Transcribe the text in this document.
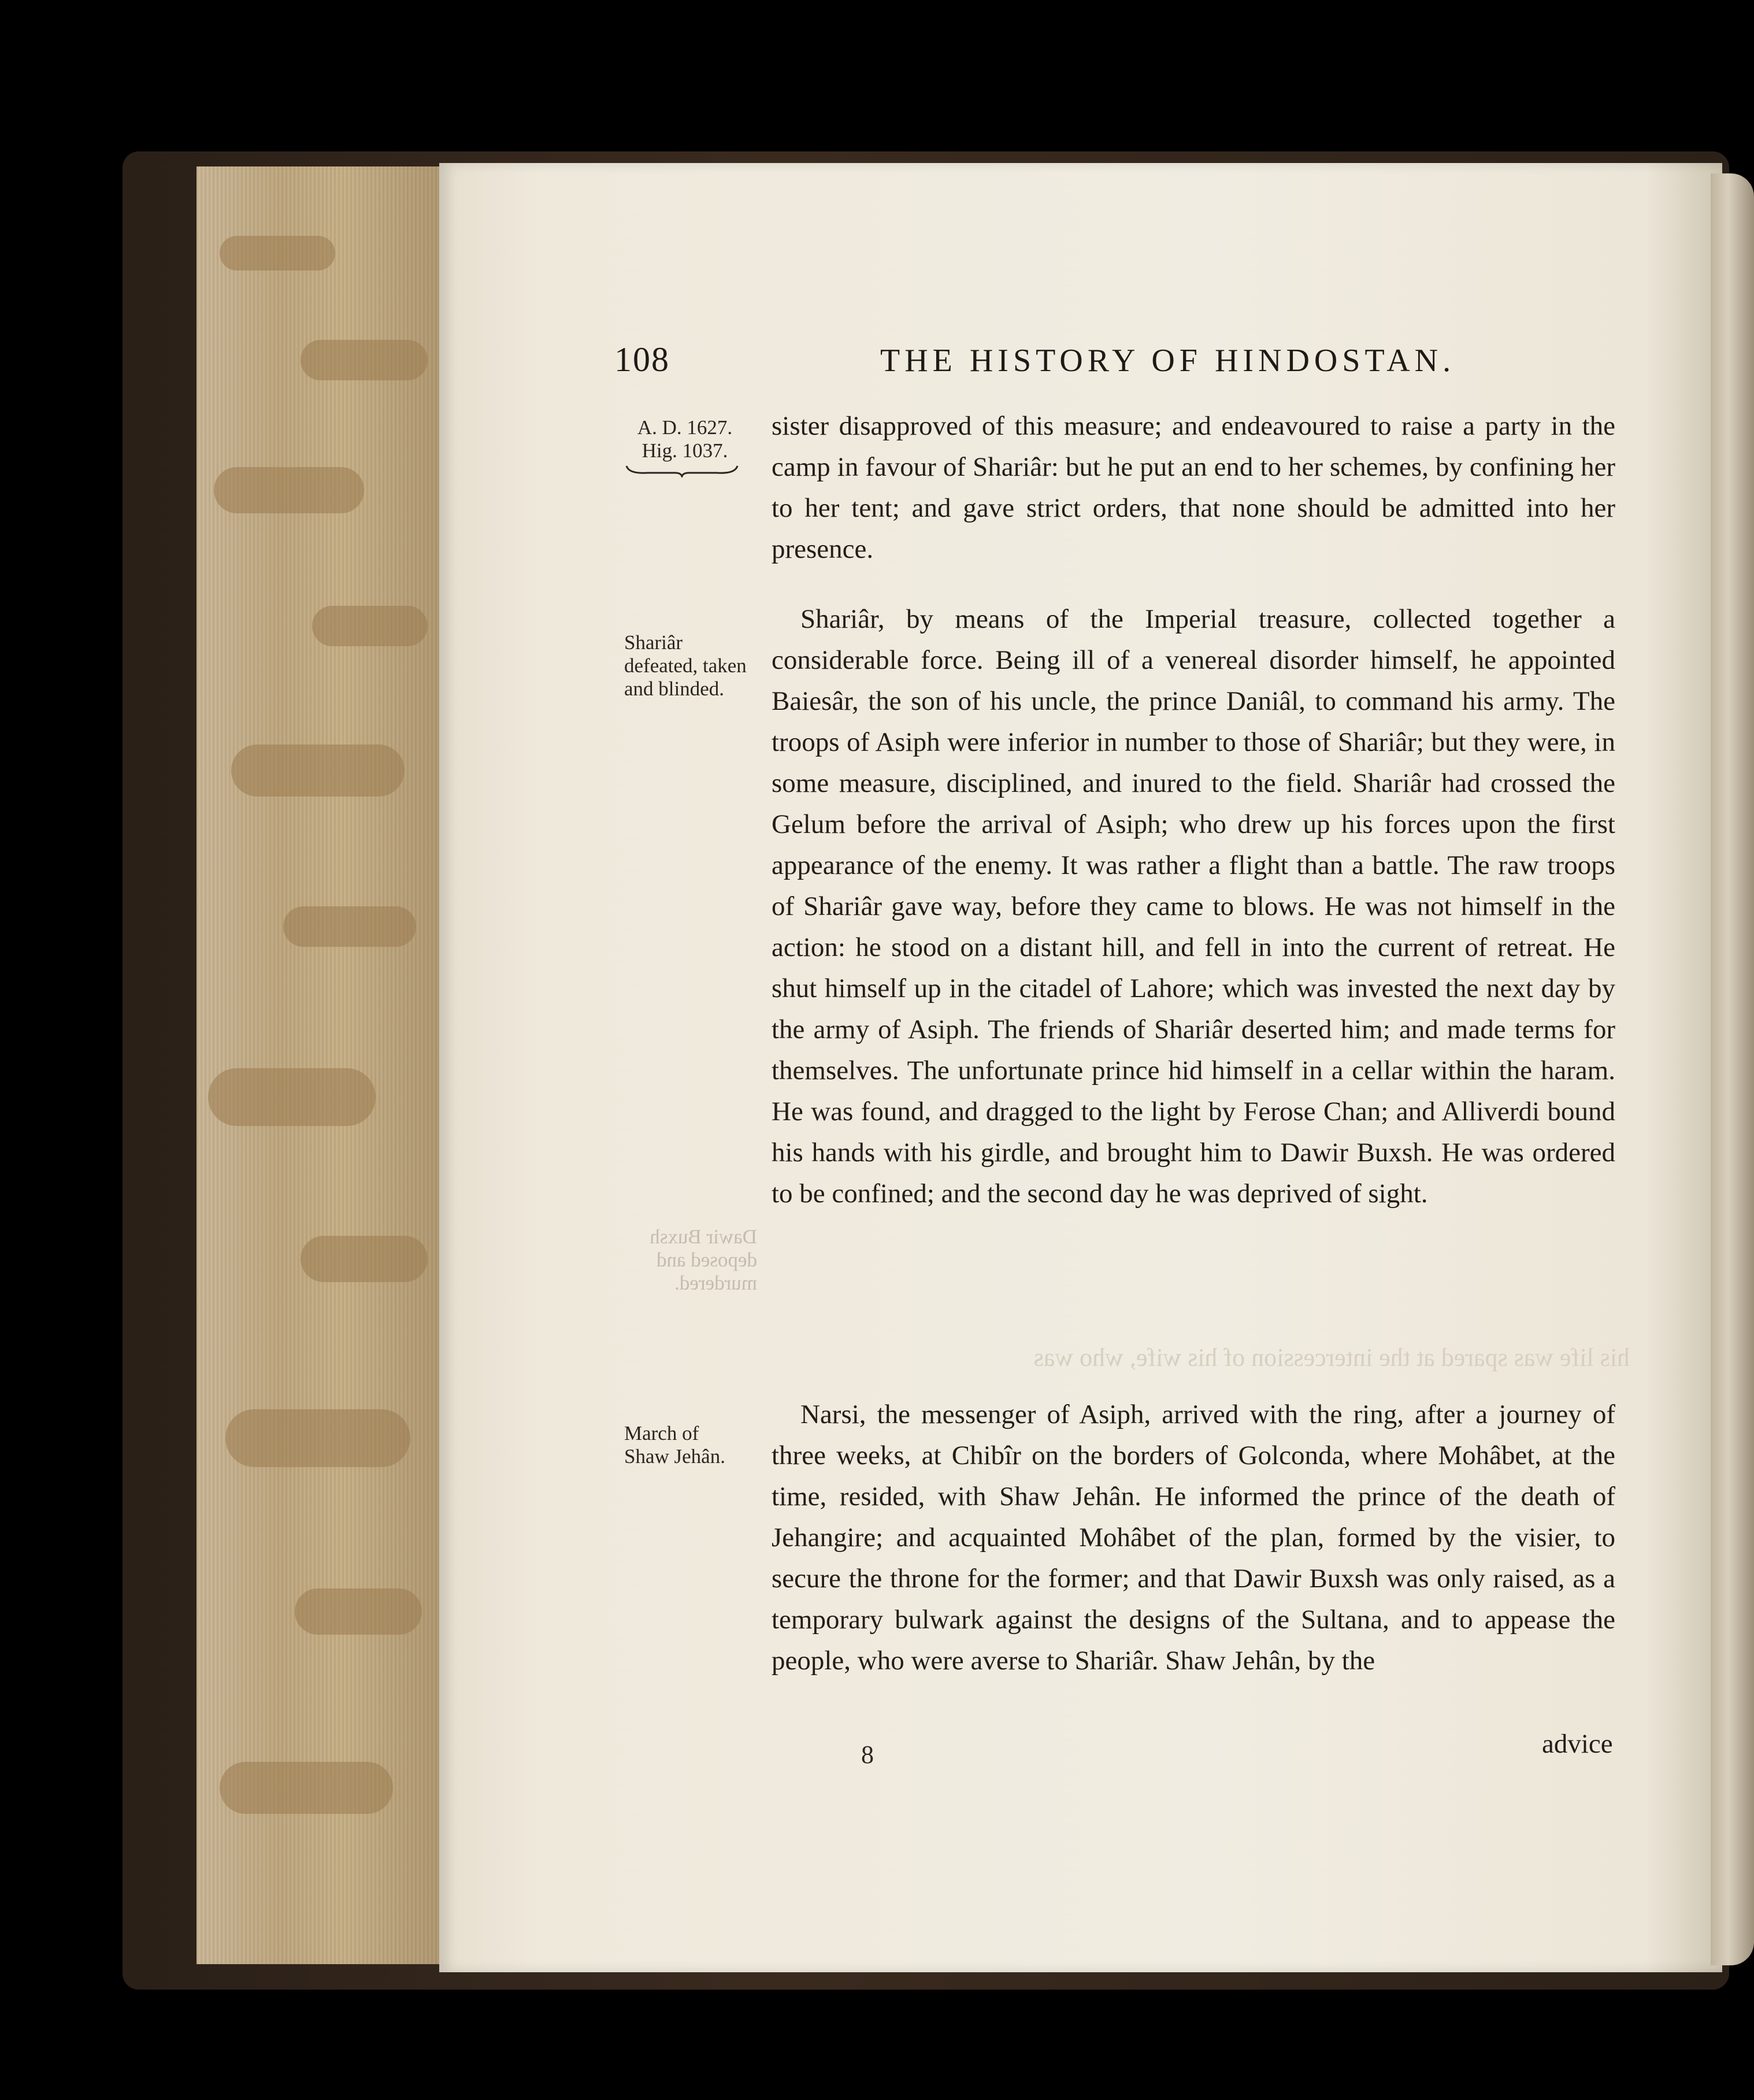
108	THE HISTORY OF HINDOSTAN.
A. D. 1627.
Hig. 1037.
Shariâr defeated, taken and blinded.
Dawir Buxsh deposed and murdered.
March of Shaw Jehân.
his life was spared at the intercession of his wife, who was

sister disapproved of this measure; and endeavoured to raise a party in the camp in favour of Shariâr: but he put an end to her schemes, by confining her to her tent; and gave strict orders, that none should be admitted into her presence.

Shariâr, by means of the Imperial treasure, collected together a considerable force. Being ill of a venereal disorder himself, he appointed Baiesâr, the son of his uncle, the prince Daniâl, to command his army. The troops of Asiph were inferior in number to those of Shariâr; but they were, in some measure, disciplined, and inured to the field. Shariâr had crossed the Gelum before the arrival of Asiph; who drew up his forces upon the first appearance of the enemy. It was rather a flight than a battle. The raw troops of Shariâr gave way, before they came to blows. He was not himself in the action: he stood on a distant hill, and fell in into the current of retreat. He shut himself up in the citadel of Lahore; which was invested the next day by the army of Asiph. The friends of Shariâr deserted him; and made terms for themselves. The unfortunate prince hid himself in a cellar within the haram. He was found, and dragged to the light by Ferose Chan; and Alliverdi bound his hands with his girdle, and brought him to Dawir Buxsh. He was ordered to be confined; and the second day he was deprived of sight.

Narsi, the messenger of Asiph, arrived with the ring, after a journey of three weeks, at Chibîr on the borders of Golconda, where Mohâbet, at the time, resided, with Shaw Jehân. He informed the prince of the death of Jehangire; and acquainted Mohâbet of the plan, formed by the visier, to secure the throne for the former; and that Dawir Buxsh was only raised, as a temporary bulwark against the designs of the Sultana, and to appease the people, who were averse to Shariâr. Shaw Jehân, by the

8	advice
